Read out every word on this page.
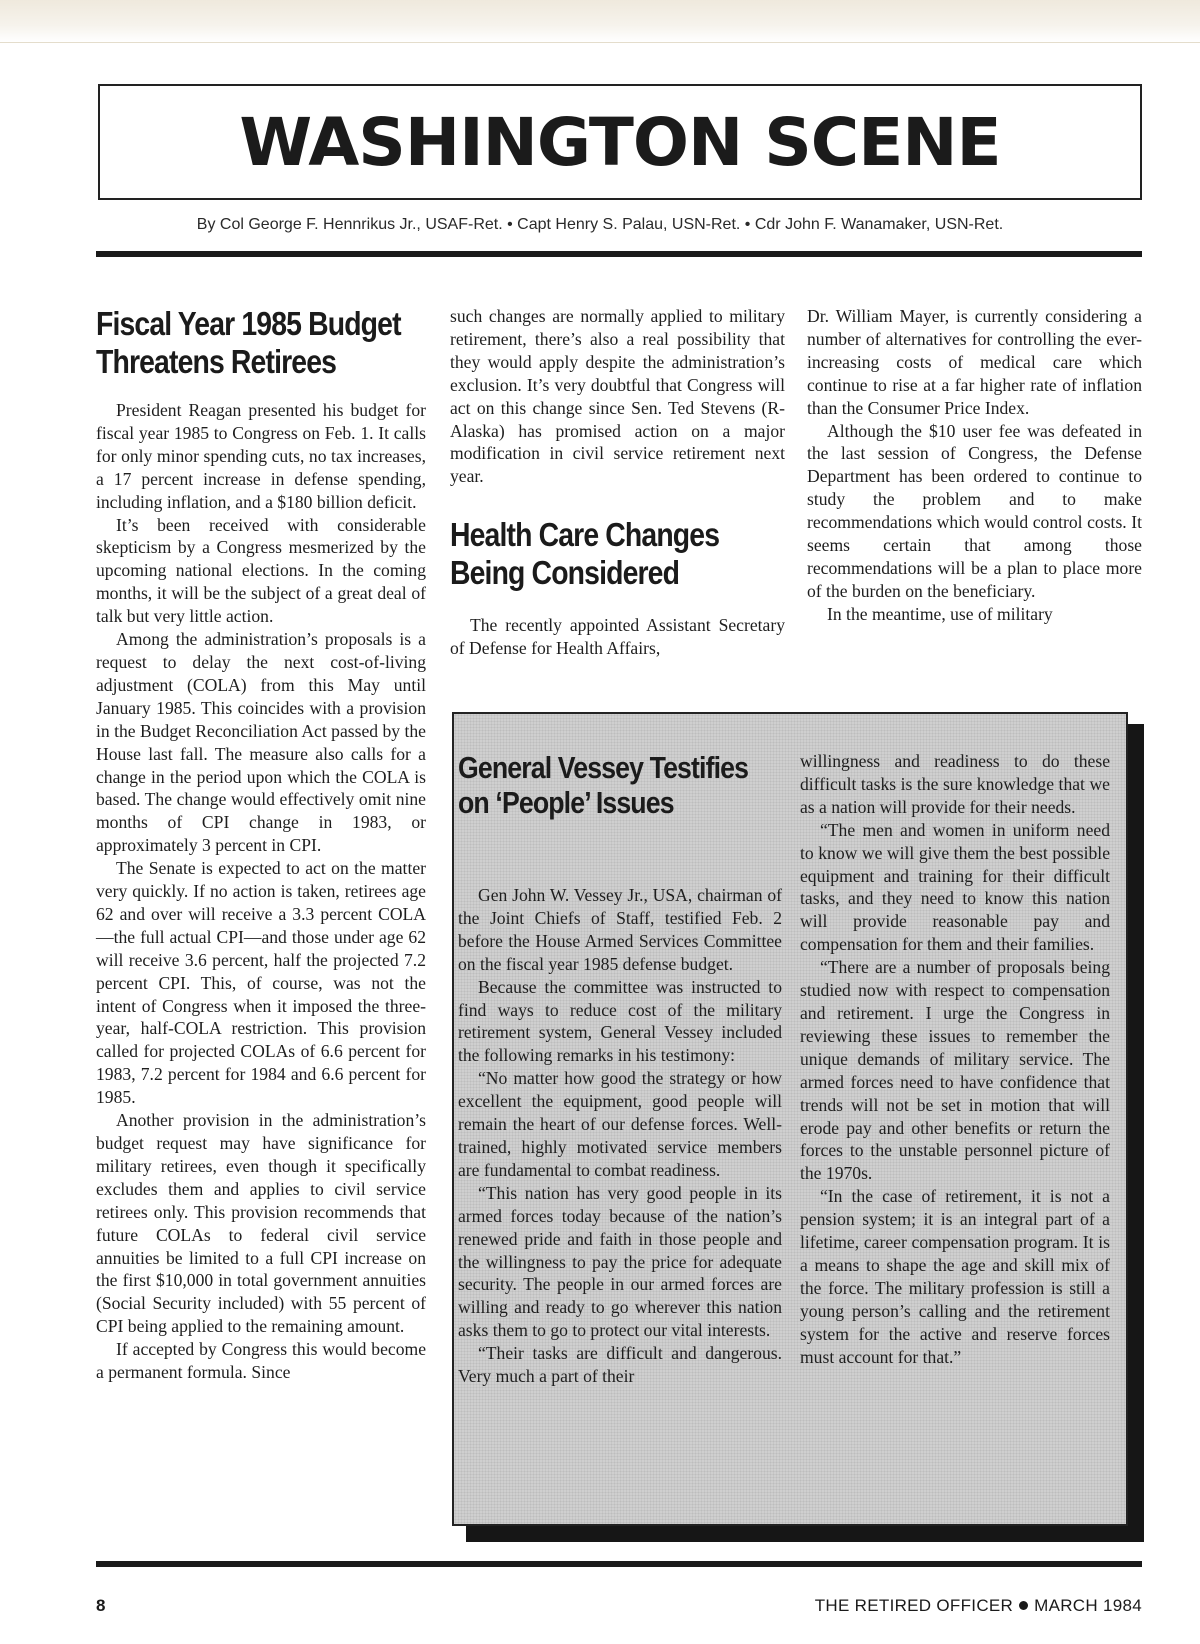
WASHINGTON SCENE
By Col George F. Hennrikus Jr., USAF-Ret. • Capt Henry S. Palau, USN-Ret. • Cdr John F. Wanamaker, USN-Ret.
Fiscal Year 1985 Budget Threatens Retirees

President Reagan presented his budget for fiscal year 1985 to Congress on Feb. 1. It calls for only minor spending cuts, no tax increases, a 17 percent increase in defense spending, including inflation, and a $180 billion deficit.

It’s been received with considerable skepticism by a Congress mesmerized by the upcoming national elections. In the coming months, it will be the subject of a great deal of talk but very little action.

Among the administration’s proposals is a request to delay the next cost-of-living adjustment (COLA) from this May until January 1985. This coincides with a provision in the Budget Reconciliation Act passed by the House last fall. The measure also calls for a change in the period upon which the COLA is based. The change would effectively omit nine months of CPI change in 1983, or approximately 3 percent in CPI.

The Senate is expected to act on the matter very quickly. If no action is taken, retirees age 62 and over will receive a 3.3 percent COLA—the full actual CPI—and those under age 62 will receive 3.6 percent, half the projected 7.2 percent CPI. This, of course, was not the intent of Congress when it imposed the three-year, half-COLA restriction. This provision called for projected COLAs of 6.6 percent for 1983, 7.2 percent for 1984 and 6.6 percent for 1985.

Another provision in the administration’s budget request may have significance for military retirees, even though it specifically excludes them and applies to civil service retirees only. This provision recommends that future COLAs to federal civil service annuities be limited to a full CPI increase on the first $10,000 in total government annuities (Social Security included) with 55 percent of CPI being applied to the remaining amount.

If accepted by Congress this would become a permanent formula. Since

such changes are normally applied to military retirement, there’s also a real possibility that they would apply despite the administration’s exclusion. It’s very doubtful that Congress will act on this change since Sen. Ted Stevens (R-Alaska) has promised action on a major modification in civil service retirement next year.

Health Care Changes Being Considered

The recently appointed Assistant Secretary of Defense for Health Affairs,

Dr. William Mayer, is currently considering a number of alternatives for controlling the ever-increasing costs of medical care which continue to rise at a far higher rate of inflation than the Consumer Price Index.

Although the $10 user fee was defeated in the last session of Congress, the Defense Department has been ordered to continue to study the problem and to make recommendations which would control costs. It seems certain that among those recommendations will be a plan to place more of the burden on the beneficiary.

In the meantime, use of military

General Vessey Testifies on ‘People’ Issues

Gen John W. Vessey Jr., USA, chairman of the Joint Chiefs of Staff, testified Feb. 2 before the House Armed Services Committee on the fiscal year 1985 defense budget.

Because the committee was instructed to find ways to reduce cost of the military retirement system, General Vessey included the following remarks in his testimony:

“No matter how good the strategy or how excellent the equipment, good people will remain the heart of our defense forces. Well-trained, highly motivated service members are fundamental to combat readiness.

“This nation has very good people in its armed forces today because of the nation’s renewed pride and faith in those people and the willingness to pay the price for adequate security. The people in our armed forces are willing and ready to go wherever this nation asks them to go to protect our vital interests.

“Their tasks are difficult and dangerous. Very much a part of their

willingness and readiness to do these difficult tasks is the sure knowledge that we as a nation will provide for their needs.

“The men and women in uniform need to know we will give them the best possible equipment and training for their difficult tasks, and they need to know this nation will provide reasonable pay and compensation for them and their families.

“There are a number of proposals being studied now with respect to compensation and retirement. I urge the Congress in reviewing these issues to remember the unique demands of military service. The armed forces need to have confidence that trends will not be set in motion that will erode pay and other benefits or return the forces to the unstable personnel picture of the 1970s.

“In the case of retirement, it is not a pension system; it is an integral part of a lifetime, career compensation program. It is a means to shape the age and skill mix of the force. The military profession is still a young person’s calling and the retirement system for the active and reserve forces must account for that.”

8	THE RETIRED OFFICER MARCH 1984
